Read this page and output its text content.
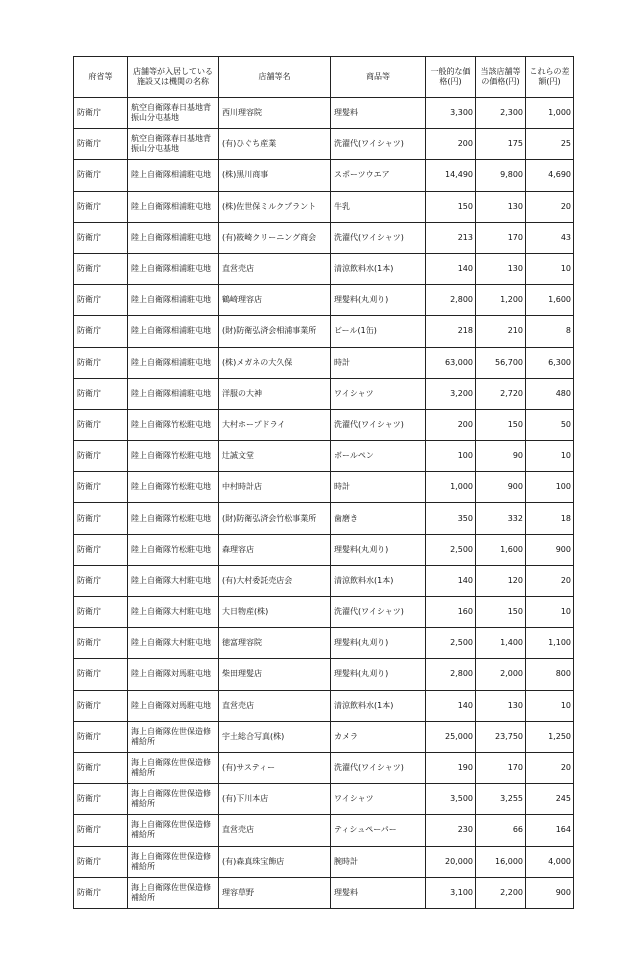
府省等	店舗等が入居している施設又は機関の名称	店舗等名	商品等	一般的な価格(円)	当該店舗等の価格(円)	これらの差額(円)
防衛庁	航空自衛隊春日基地背振山分屯基地	西川理容院	理髪料	3,300	2,300	1,000
防衛庁	航空自衛隊春日基地背振山分屯基地	(有)ひぐち産業	洗濯代(ワイシャツ)	200	175	25
防衛庁	陸上自衛隊相浦駐屯地	(株)黒川商事	スポーツウエア	14,490	9,800	4,690
防衛庁	陸上自衛隊相浦駐屯地	(株)佐世保ミルクプラント	牛乳	150	130	20
防衛庁	陸上自衛隊相浦駐屯地	(有)筱崎クリーニング商会	洗濯代(ワイシャツ)	213	170	43
防衛庁	陸上自衛隊相浦駐屯地	直営売店	清涼飲料水(1本)	140	130	10
防衛庁	陸上自衛隊相浦駐屯地	鶴崎理容店	理髪料(丸刈り)	2,800	1,200	1,600
防衛庁	陸上自衛隊相浦駐屯地	(財)防衛弘済会相浦事業所	ビール(1缶)	218	210	8
防衛庁	陸上自衛隊相浦駐屯地	(株)メガネの大久保	時計	63,000	56,700	6,300
防衛庁	陸上自衛隊相浦駐屯地	洋服の大神	ワイシャツ	3,200	2,720	480
防衛庁	陸上自衛隊竹松駐屯地	大村ホープドライ	洗濯代(ワイシャツ)	200	150	50
防衛庁	陸上自衛隊竹松駐屯地	辻誠文堂	ボールペン	100	90	10
防衛庁	陸上自衛隊竹松駐屯地	中村時計店	時計	1,000	900	100
防衛庁	陸上自衛隊竹松駐屯地	(財)防衛弘済会竹松事業所	歯磨き	350	332	18
防衛庁	陸上自衛隊竹松駐屯地	森理容店	理髪料(丸刈り)	2,500	1,600	900
防衛庁	陸上自衛隊大村駐屯地	(有)大村委託売店会	清涼飲料水(1本)	140	120	20
防衛庁	陸上自衛隊大村駐屯地	大日物産(株)	洗濯代(ワイシャツ)	160	150	10
防衛庁	陸上自衛隊大村駐屯地	徳富理容院	理髪料(丸刈り)	2,500	1,400	1,100
防衛庁	陸上自衛隊対馬駐屯地	柴田理髪店	理髪料(丸刈り)	2,800	2,000	800
防衛庁	陸上自衛隊対馬駐屯地	直営売店	清涼飲料水(1本)	140	130	10
防衛庁	海上自衛隊佐世保造修補給所	宇土総合写真(株)	カメラ	25,000	23,750	1,250
防衛庁	海上自衛隊佐世保造修補給所	(有)サスティー	洗濯代(ワイシャツ)	190	170	20
防衛庁	海上自衛隊佐世保造修補給所	(有)下川本店	ワイシャツ	3,500	3,255	245
防衛庁	海上自衛隊佐世保造修補給所	直営売店	ティシュペーパー	230	66	164
防衛庁	海上自衛隊佐世保造修補給所	(有)森真珠宝飾店	腕時計	20,000	16,000	4,000
防衛庁	海上自衛隊佐世保造修補給所	理容草野	理髪料	3,100	2,200	900
